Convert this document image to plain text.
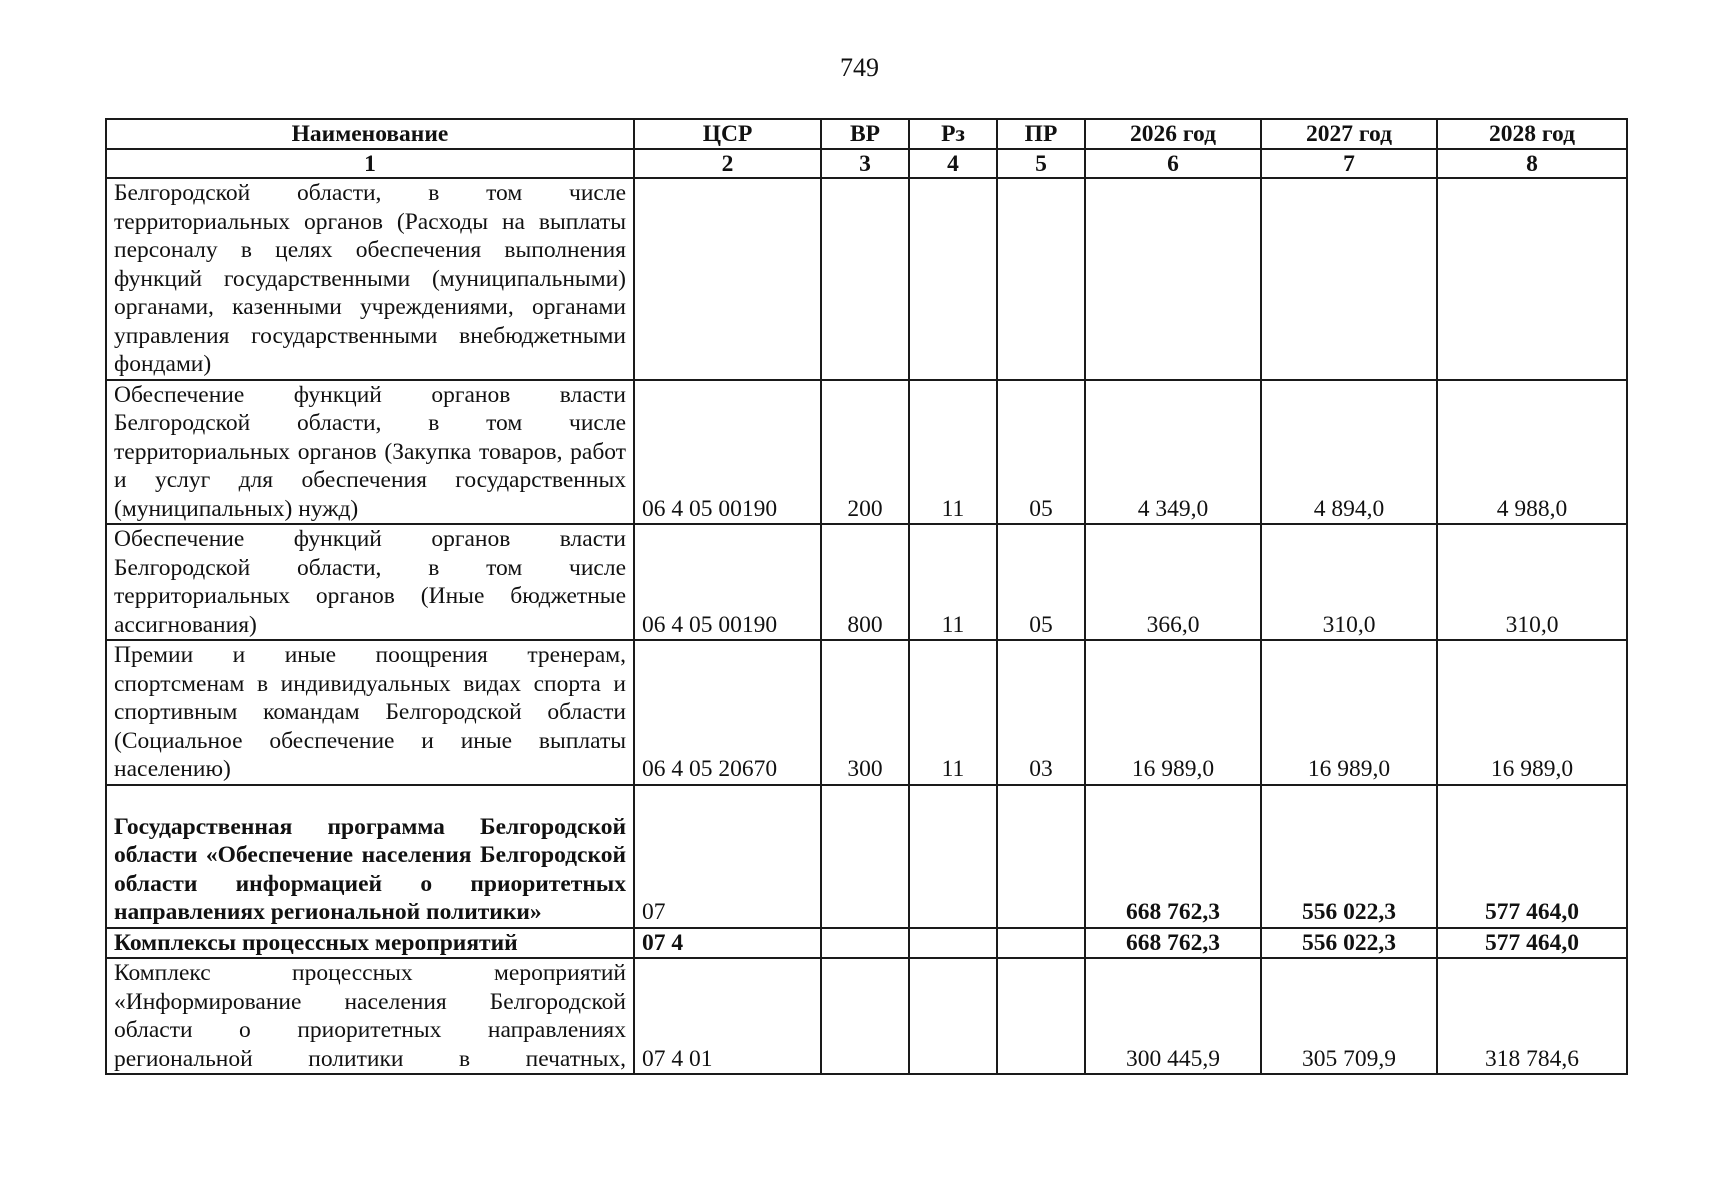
749
Наименование	ЦСР	ВР	Рз	ПР	2026 год	2027 год	2028 год
1	2	3	4	5	6	7	8
Белгородской области, в том числе территориальных органов (Расходы на выплаты персоналу в целях обеспечения выполнения функций государственными (муниципальными) органами, казенными учреждениями, органами управления государственными внебюджетными фондами)							
Обеспечение функций органов власти Белгородской области, в том числе территориальных органов (Закупка товаров, работ и услуг для обеспечения государственных (муниципальных) нужд)	06 4 05 00190	200	11	05	4 349,0	4 894,0	4 988,0
Обеспечение функций органов власти Белгородской области, в том числе территориальных органов (Иные бюджетные ассигнования)	06 4 05 00190	800	11	05	366,0	310,0	310,0
Премии и иные поощрения тренерам, спортсменам в индивидуальных видах спорта и спортивным командам Белгородской области (Социальное обеспечение и иные выплаты населению)	06 4 05 20670	300	11	03	16 989,0	16 989,0	16 989,0
Государственная программа Белгородской области «Обеспечение населения Белгородской области информацией о приоритетных направлениях региональной политики»	07				668 762,3	556 022,3	577 464,0
Комплексы процессных мероприятий	07 4				668 762,3	556 022,3	577 464,0
Комплекс процессных мероприятий «Информирование населения Белгородской области о приоритетных направлениях региональной политики в печатных,	07 4 01				300 445,9	305 709,9	318 784,6
